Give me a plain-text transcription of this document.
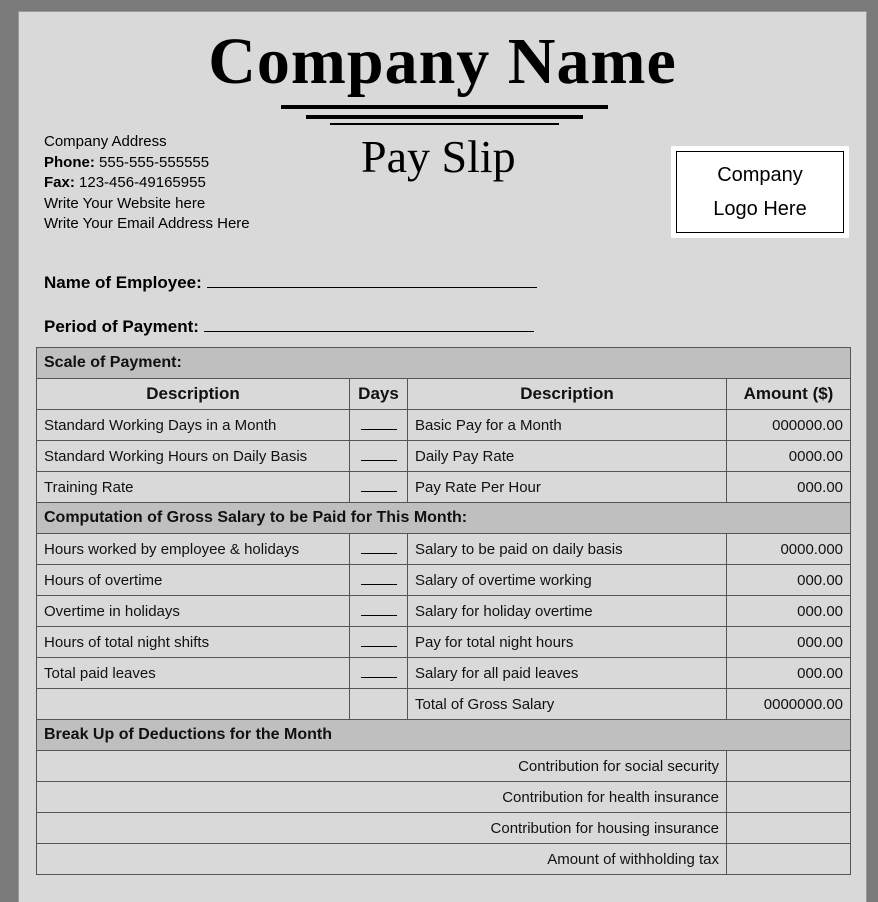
Company Name
Pay Slip
Company Address
Phone: 555-555-555555
Fax: 123-456-49165955
Write Your Website here
Write Your Email Address Here
Company
Logo Here
Name of Employee:
Period of Payment:
Scale of Payment:			
Description	Days	Description	Amount ($)
Standard Working Days in a Month		Basic Pay for a Month	000000.00
Standard Working Hours on Daily Basis		Daily Pay Rate	0000.00
Training Rate		Pay Rate Per Hour	000.00
Computation of Gross Salary to be Paid for This Month:			
Hours worked by employee & holidays		Salary to be paid on daily basis	0000.000
Hours of overtime		Salary of overtime working	000.00
Overtime in holidays		Salary for holiday overtime	000.00
Hours of total night shifts		Pay for total night hours	000.00
Total paid leaves		Salary for all paid leaves	000.00
		Total of Gross Salary	0000000.00
Break Up of Deductions for the Month			
Contribution for social security			
Contribution for health insurance			
Contribution for housing insurance			
Amount of withholding tax			
